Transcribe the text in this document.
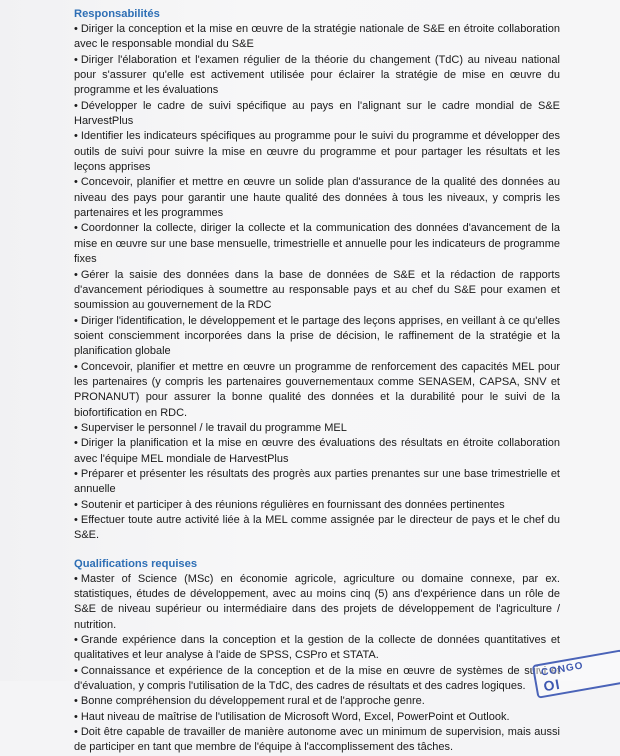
Responsabilités
• Diriger la conception et la mise en œuvre de la stratégie nationale de S&E en étroite collaboration avec le responsable mondial du S&E
• Diriger l'élaboration et l'examen régulier de la théorie du changement (TdC) au niveau national pour s'assurer qu'elle est activement utilisée pour éclairer la stratégie de mise en œuvre du programme et les évaluations
• Développer le cadre de suivi spécifique au pays en l'alignant sur le cadre mondial de S&E HarvestPlus
• Identifier les indicateurs spécifiques au programme pour le suivi du programme et développer des outils de suivi pour suivre la mise en œuvre du programme et pour partager les résultats et les leçons apprises
• Concevoir, planifier et mettre en œuvre un solide plan d'assurance de la qualité des données au niveau des pays pour garantir une haute qualité des données à tous les niveaux, y compris les partenaires et les programmes
• Coordonner la collecte, diriger la collecte et la communication des données d'avancement de la mise en œuvre sur une base mensuelle, trimestrielle et annuelle pour les indicateurs de programme fixes
• Gérer la saisie des données dans la base de données de S&E et la rédaction de rapports d'avancement périodiques à soumettre au responsable pays et au chef du S&E pour examen et soumission au gouvernement de la RDC
• Diriger l'identification, le développement et le partage des leçons apprises, en veillant à ce qu'elles soient consciemment incorporées dans la prise de décision, le raffinement de la stratégie et la planification globale
• Concevoir, planifier et mettre en œuvre un programme de renforcement des capacités MEL pour les partenaires (y compris les partenaires gouvernementaux comme SENASEM, CAPSA, SNV et PRONANUT) pour assurer la bonne qualité des données et la durabilité pour le suivi de la biofortification en RDC.
• Superviser le personnel / le travail du programme MEL
• Diriger la planification et la mise en œuvre des évaluations des résultats en étroite collaboration avec l'équipe MEL mondiale de HarvestPlus
• Préparer et présenter les résultats des progrès aux parties prenantes sur une base trimestrielle et annuelle
• Soutenir et participer à des réunions régulières en fournissant des données pertinentes
• Effectuer toute autre activité liée à la MEL comme assignée par le directeur de pays et le chef du S&E.
Qualifications requises
• Master of Science (MSc) en économie agricole, agriculture ou domaine connexe, par ex. statistiques, études de développement, avec au moins cinq (5) ans d'expérience dans un rôle de S&E de niveau supérieur ou intermédiaire dans des projets de développement de l'agriculture / nutrition.
• Grande expérience dans la conception et la gestion de la collecte de données quantitatives et qualitatives et leur analyse à l'aide de SPSS, CSPro et STATA.
• Connaissance et expérience de la conception et de la mise en œuvre de systèmes de suivi et d'évaluation, y compris l'utilisation de la TdC, des cadres de résultats et des cadres logiques.
• Bonne compréhension du développement rural et de l'approche genre.
• Haut niveau de maîtrise de l'utilisation de Microsoft Word, Excel, PowerPoint et Outlook.
• Doit être capable de travailler de manière autonome avec un minimum de supervision, mais aussi de participer en tant que membre de l'équipe à l'accomplissement des tâches.
CONGO
OI
